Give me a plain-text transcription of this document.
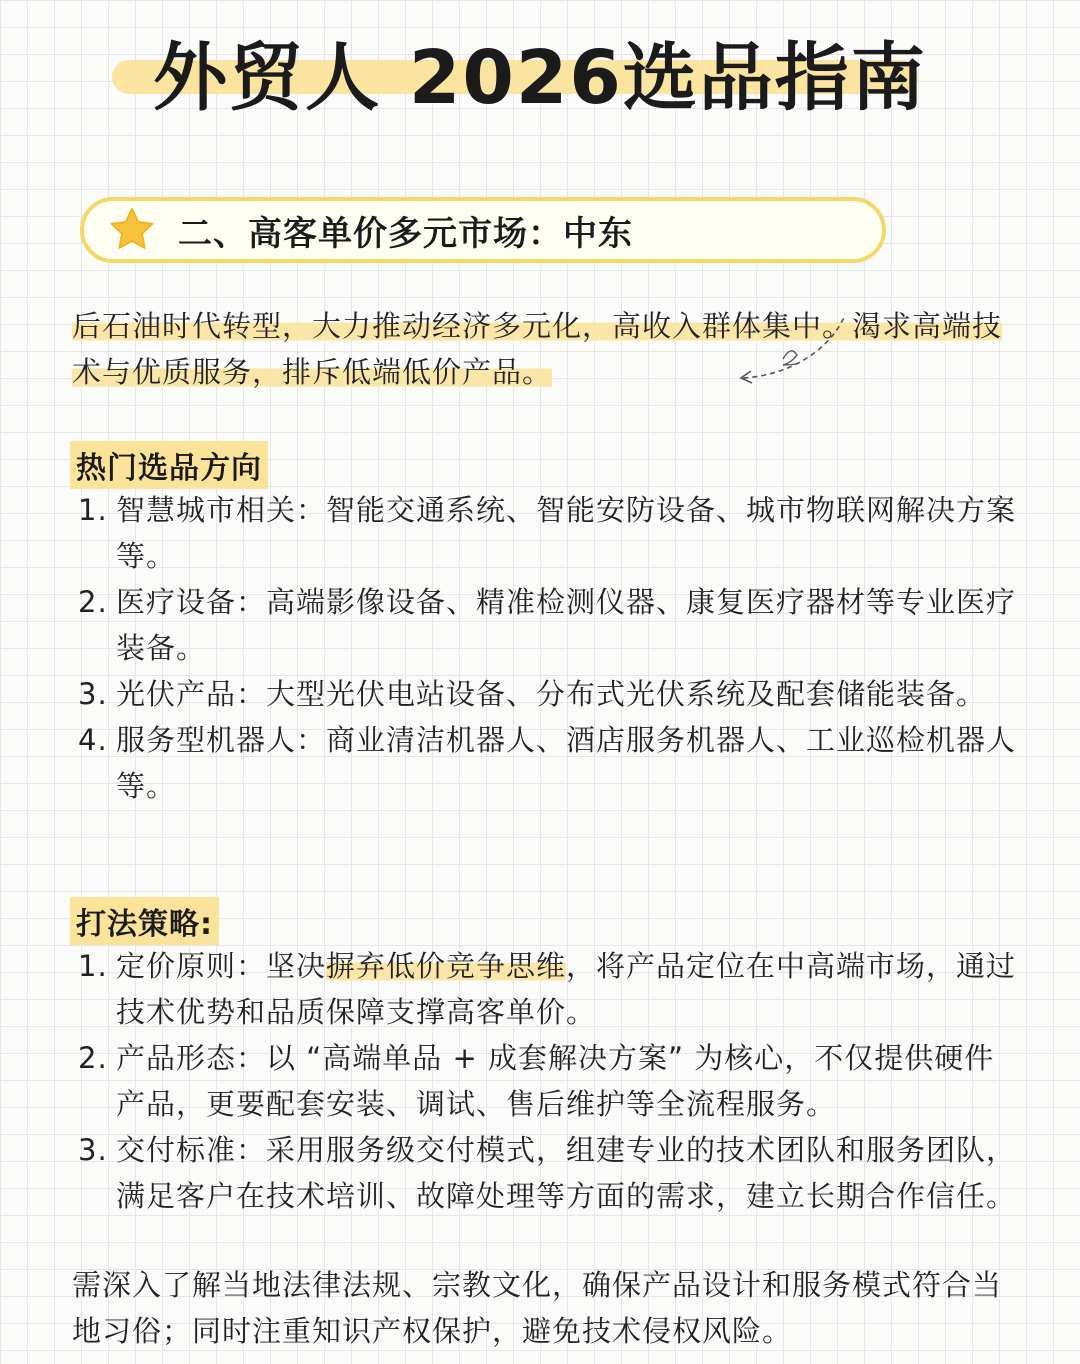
外贸人 2026选品指南
二、高客单价多元市场：中东
后石油时代转型，大力推动经济多元化，高收入群体集中。渴求高端技术与优质服务，排斥低端低价产品。
热门选品方向
1. 智慧城市相关：智能交通系统、智能安防设备、城市物联网解决方案等。
2. 医疗设备：高端影像设备、精准检测仪器、康复医疗器材等专业医疗装备。
3. 光伏产品：大型光伏电站设备、分布式光伏系统及配套储能装备。
4. 服务型机器人：商业清洁机器人、酒店服务机器人、工业巡检机器人等。
打法策略:
1. 定价原则：坚决摒弃低价竞争思维，将产品定位在中高端市场，通过技术优势和品质保障支撑高客单价。
2. 产品形态：以 “高端单品 + 成套解决方案” 为核心，不仅提供硬件产品，更要配套安装、调试、售后维护等全流程服务。
3. 交付标准：采用服务级交付模式，组建专业的技术团队和服务团队，满足客户在技术培训、故障处理等方面的需求，建立长期合作信任。
需深入了解当地法律法规、宗教文化，确保产品设计和服务模式符合当地习俗；同时注重知识产权保护，避免技术侵权风险。
